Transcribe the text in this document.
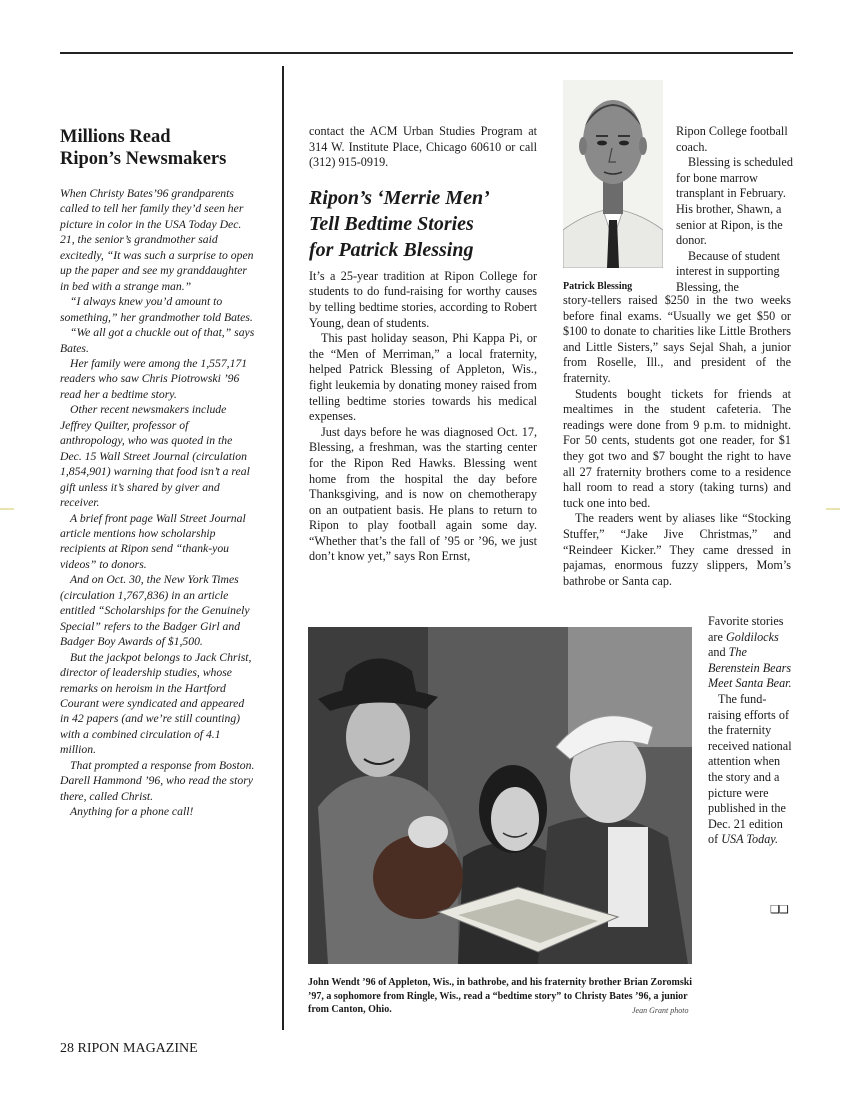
Millions Read
Ripon’s Newsmakers

When Christy Bates’96 grandparents called to tell her family they’d seen her picture in color in the USA Today Dec. 21, the senior’s grandmother said excitedly, “It was such a surprise to open up the paper and see my granddaughter in bed with a strange man.”

“I always knew you’d amount to something,” her grandmother told Bates.

“We all got a chuckle out of that,” says Bates.

Her family were among the 1,557,171 readers who saw Chris Piotrowski ’96 read her a bedtime story.

Other recent newsmakers include Jeffrey Quilter, professor of anthropology, who was quoted in the Dec. 15 Wall Street Journal (circulation 1,854,901) warning that food isn’t a real gift unless it’s shared by giver and receiver.

A brief front page Wall Street Journal article mentions how scholarship recipients at Ripon send “thank-you videos” to donors.

And on Oct. 30, the New York Times (circulation 1,767,836) in an article entitled “Scholarships for the Genuinely Special” refers to the Badger Girl and Badger Boy Awards of $1,500.

But the jackpot belongs to Jack Christ, director of leadership studies, whose remarks on heroism in the Hartford Courant were syndicated and appeared in 42 papers (and we’re still counting) with a combined circulation of 4.1 million.

That prompted a response from Boston. Darell Hammond ’96, who read the story there, called Christ.

Anything for a phone call!

contact the ACM Urban Studies Program at 314 W. Institute Place, Chicago 60610 or call (312) 915-0919.

Ripon’s ‘Merrie Men’
Tell Bedtime Stories
for Patrick Blessing

It’s a 25-year tradition at Ripon College for students to do fund-raising for worthy causes by telling bedtime stories, according to Robert Young, dean of students.

This past holiday season, Phi Kappa Pi, or the “Men of Merriman,” a local fraternity, helped Patrick Blessing of Appleton, Wis., fight leukemia by donating money raised from telling bedtime stories towards his medical expenses.

Just days before he was diagnosed Oct. 17, Blessing, a freshman, was the starting center for the Ripon Red Hawks. Blessing went home from the hospital the day before Thanksgiving, and is now on chemotherapy on an outpatient basis. He plans to return to Ripon to play football again some day. “Whether that’s the fall of ’95 or ’96, we just don’t know yet,” says Ron Ernst,

Patrick Blessing

Ripon College football coach.

Blessing is scheduled for bone marrow transplant in February. His brother, Shawn, a senior at Ripon, is the donor.

Because of student interest in supporting Blessing, the

story-tellers raised $250 in the two weeks before final exams. “Usually we get $50 or $100 to donate to charities like Little Brothers and Little Sisters,” says Sejal Shah, a junior from Roselle, Ill., and president of the fraternity.

Students bought tickets for friends at mealtimes in the student cafeteria. The readings were done from 9 p.m. to midnight. For 50 cents, students got one reader, for $1 they got two and $7 bought the right to have all 27 fraternity brothers come to a residence hall room to read a story (taking turns) and tuck one into bed.

The readers went by aliases like “Stocking Stuffer,” “Jake Jive Christmas,” and “Reindeer Kicker.” They came dressed in pajamas, enormous fuzzy slippers, Mom’s bathrobe or Santa cap.

John Wendt ’96 of Appleton, Wis., in bathrobe, and his fraternity brother Brian Zoromski ’97, a sophomore from Ringle, Wis., read a “bedtime story” to Christy Bates ’96, a junior from Canton, Ohio.	Jean Grant photo

Favorite stories are Goldilocks and The Berenstein Bears Meet Santa Bear.

The fund-raising efforts of the fraternity received national attention when the story and a picture were published in the Dec. 21 edition of USA Today.

❑❑
28 RIPON MAGAZINE
